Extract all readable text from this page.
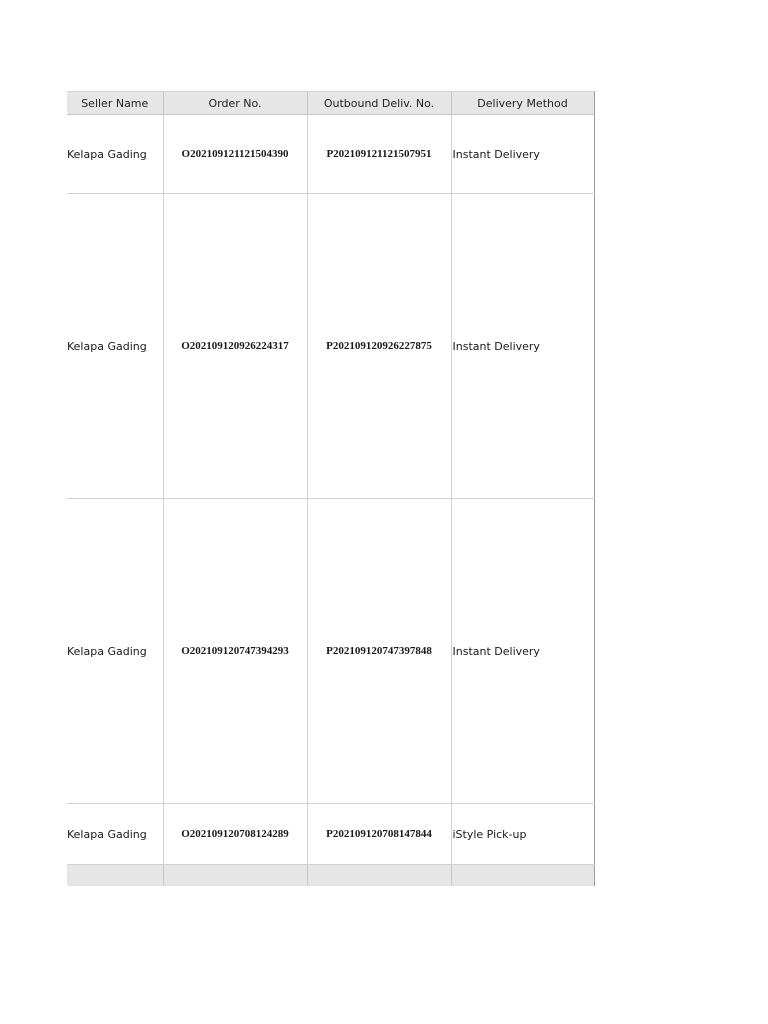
Seller Name	Order No.	Outbound Deliv. No.	Delivery Method
Kelapa Gading	O202109121121504390	P202109121121507951	Instant Delivery
Kelapa Gading	O202109120926224317	P202109120926227875	Instant Delivery
Kelapa Gading	O202109120747394293	P202109120747397848	Instant Delivery
Kelapa Gading	O202109120708124289	P202109120708147844	iStyle Pick-up
